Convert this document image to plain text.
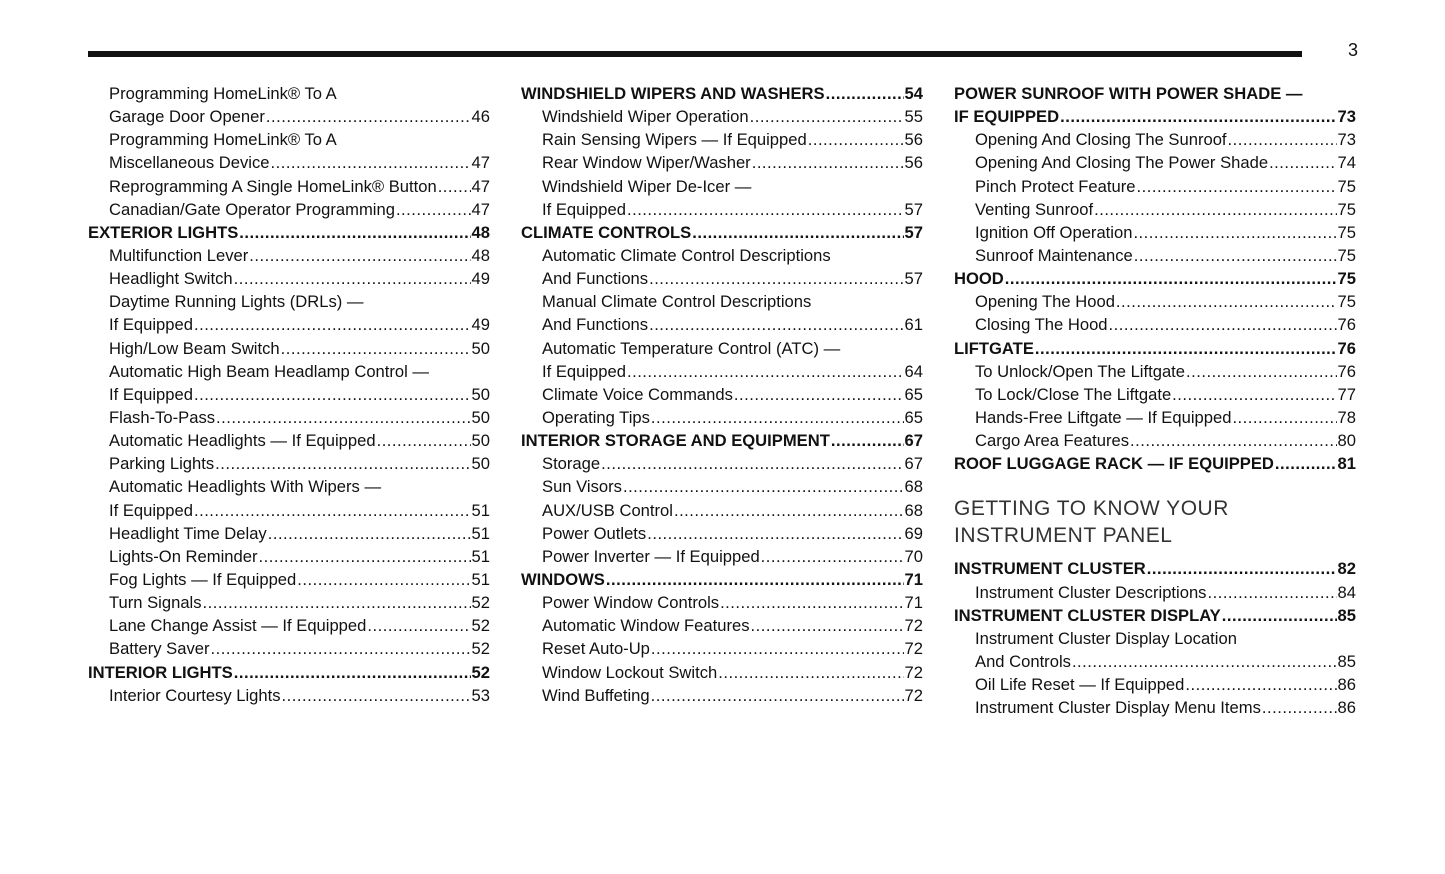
3
Programming HomeLink® To A
Garage Door Opener .....	46
Programming HomeLink® To A
Miscellaneous Device .....	47
Reprogramming A Single HomeLink® Button ..... 47
Canadian/Gate Operator Programming .....	47
EXTERIOR LIGHTS .....	48
Multifunction Lever .....	48
Headlight Switch .....	49
Daytime Running Lights (DRLs) —
If Equipped .....	49
High/Low Beam Switch .....	50
Automatic High Beam Headlamp Control —
If Equipped .....	50
Flash-To-Pass .....	50
Automatic Headlights — If Equipped .....	50
Parking Lights .....	50
Automatic Headlights With Wipers —
If Equipped .....	51
Headlight Time Delay .....	51
Lights-On Reminder .....	51
Fog Lights — If Equipped .....	51
Turn Signals .....	52
Lane Change Assist — If Equipped .....	52
Battery Saver .....	52
INTERIOR LIGHTS .....	52
Interior Courtesy Lights .....	53
WINDSHIELD WIPERS AND WASHERS .....	54
Windshield Wiper Operation .....	55
Rain Sensing Wipers — If Equipped .....	56
Rear Window Wiper/Washer .....	56
Windshield Wiper De-Icer —
If Equipped .....	57
CLIMATE CONTROLS .....	57
Automatic Climate Control Descriptions
And Functions .....	57
Manual Climate Control Descriptions
And Functions .....	61
Automatic Temperature Control (ATC) —
If Equipped .....	64
Climate Voice Commands .....	65
Operating Tips .....	65
INTERIOR STORAGE AND EQUIPMENT .....	67
Storage .....	67
Sun Visors .....	68
AUX/USB Control .....	68
Power Outlets .....	69
Power Inverter — If Equipped .....	70
WINDOWS .....	71
Power Window Controls .....	71
Automatic Window Features .....	72
Reset Auto-Up .....	72
Window Lockout Switch .....	72
Wind Buffeting .....	72
POWER SUNROOF WITH POWER SHADE —
IF EQUIPPED .....	73
Opening And Closing The Sunroof .....	73
Opening And Closing The Power Shade .....	74
Pinch Protect Feature .....	75
Venting Sunroof .....	75
Ignition Off Operation .....	75
Sunroof Maintenance .....	75
HOOD .....	75
Opening The Hood .....	75
Closing The Hood .....	76
LIFTGATE .....	76
To Unlock/Open The Liftgate .....	76
To Lock/Close The Liftgate .....	77
Hands-Free Liftgate — If Equipped .....	78
Cargo Area Features .....	80
ROOF LUGGAGE RACK — IF EQUIPPED .....	81
GETTING TO KNOW YOUR
INSTRUMENT PANEL
INSTRUMENT CLUSTER .....	82
Instrument Cluster Descriptions .....	84
INSTRUMENT CLUSTER DISPLAY .....	85
Instrument Cluster Display Location
And Controls .....	85
Oil Life Reset — If Equipped .....	86
Instrument Cluster Display Menu Items .....	86
